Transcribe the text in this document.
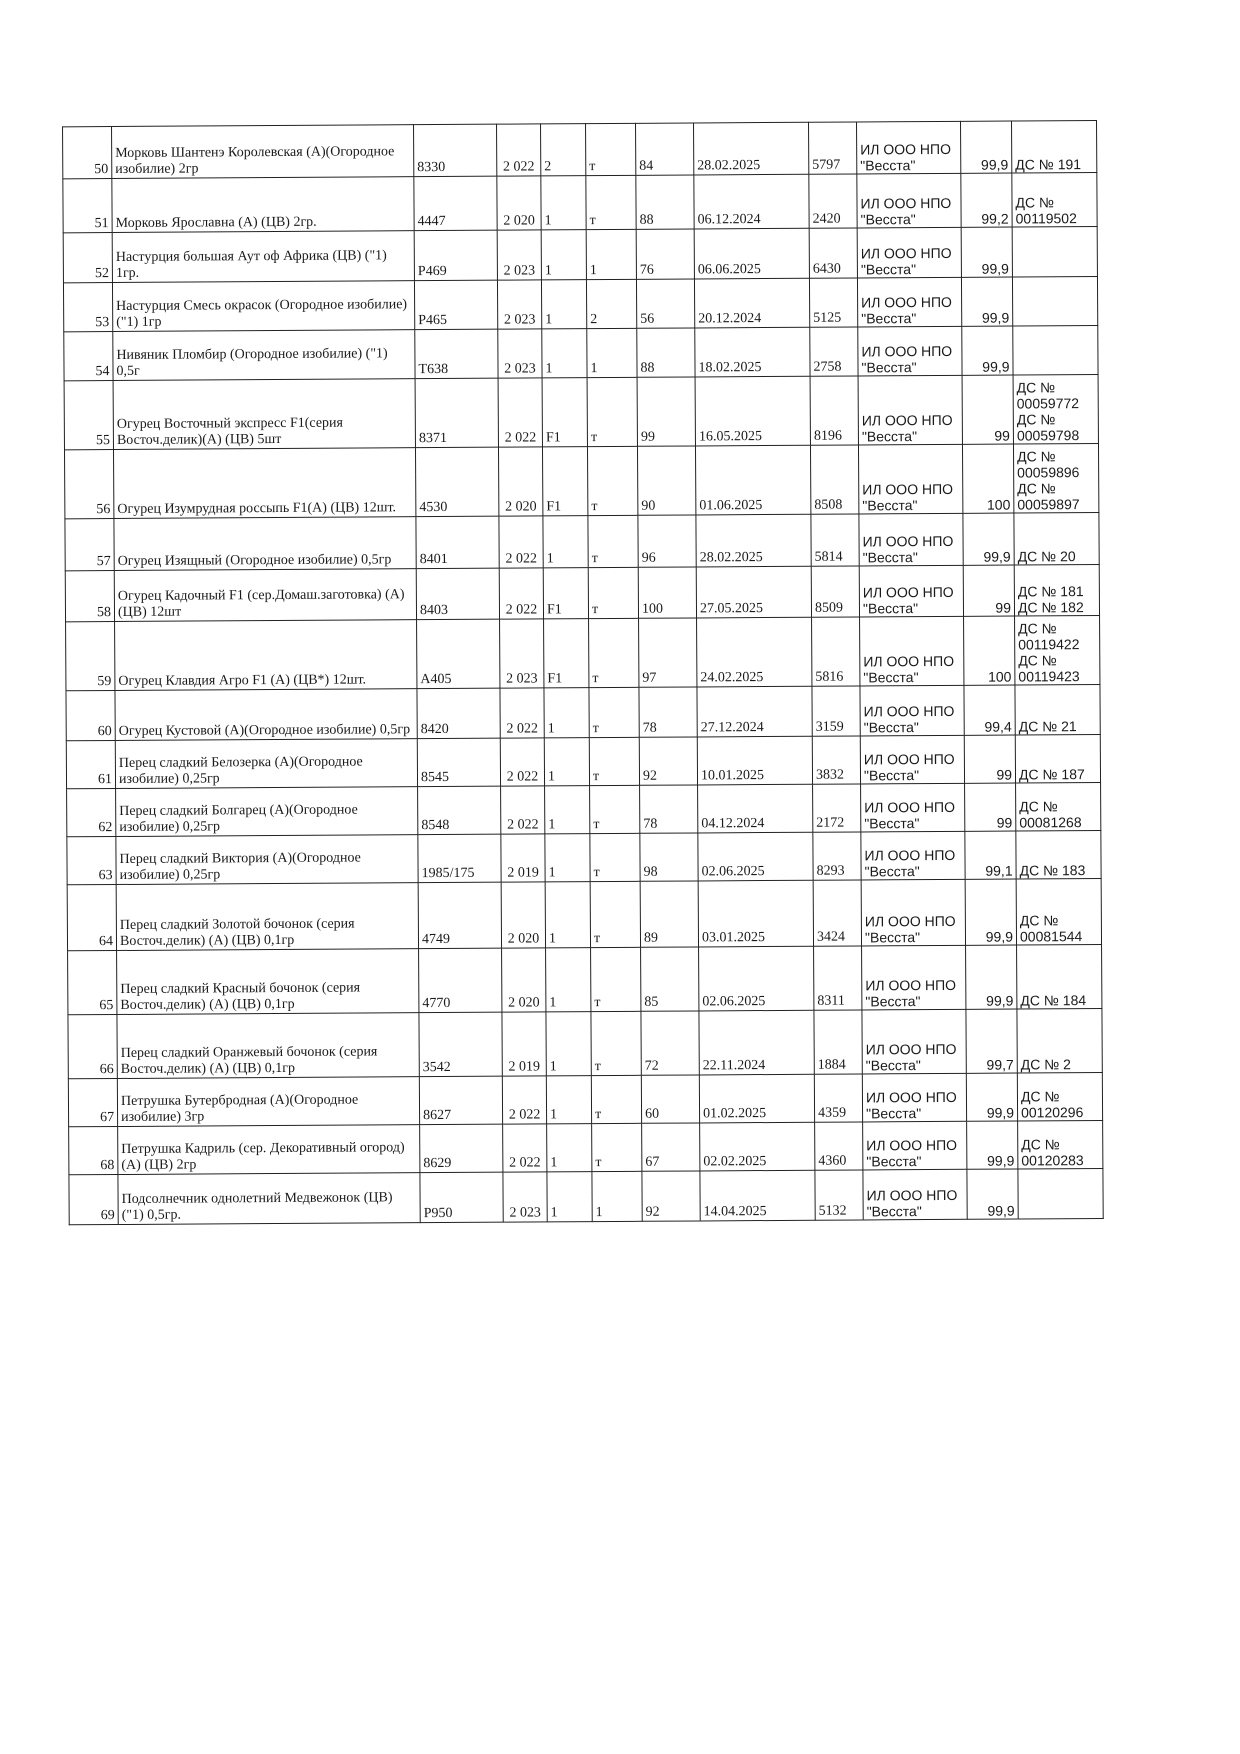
50	Морковь Шантенэ Королевская (А)(Огородное изобилие) 2гр	8330	2 022	2	т	84	28.02.2025	5797	ИЛ ООО НПО "Весста"	99,9	ДС № 191
51	Морковь Ярославна (А) (ЦВ) 2гр.	4447	2 020	1	т	88	06.12.2024	2420	ИЛ ООО НПО "Весста"	99,2	ДС № 00119502
52	Настурция большая Аут оф Африка (ЦВ) ("1) 1гр.	P469	2 023	1	1	76	06.06.2025	6430	ИЛ ООО НПО "Весста"	99,9	
53	Настурция Смесь окрасок (Огородное изобилие) ("1) 1гр	P465	2 023	1	2	56	20.12.2024	5125	ИЛ ООО НПО "Весста"	99,9	
54	Нивяник Пломбир (Огородное изобилие) ("1) 0,5г	T638	2 023	1	1	88	18.02.2025	2758	ИЛ ООО НПО "Весста"	99,9	
55	Огурец Восточный экспресс F1(серия Восточ.делик)(А) (ЦВ) 5шт	8371	2 022	F1	т	99	16.05.2025	8196	ИЛ ООО НПО "Весста"	99	ДС № 00059772 ДС № 00059798
56	Огурец Изумрудная россыпь F1(А) (ЦВ) 12шт.	4530	2 020	F1	т	90	01.06.2025	8508	ИЛ ООО НПО "Весста"	100	ДС № 00059896 ДС № 00059897
57	Огурец Изящный (Огородное изобилие) 0,5гр	8401	2 022	1	т	96	28.02.2025	5814	ИЛ ООО НПО "Весста"	99,9	ДС № 20
58	Огурец Кадочный F1 (сер.Домаш.заготовка) (А) (ЦВ) 12шт	8403	2 022	F1	т	100	27.05.2025	8509	ИЛ ООО НПО "Весста"	99	ДС № 181 ДС № 182
59	Огурец Клавдия Агро F1 (А) (ЦВ*) 12шт.	A405	2 023	F1	т	97	24.02.2025	5816	ИЛ ООО НПО "Весста"	100	ДС № 00119422 ДС № 00119423
60	Огурец Кустовой (А)(Огородное изобилие) 0,5гр	8420	2 022	1	т	78	27.12.2024	3159	ИЛ ООО НПО "Весста"	99,4	ДС № 21
61	Перец сладкий Белозерка (А)(Огородное изобилие) 0,25гр	8545	2 022	1	т	92	10.01.2025	3832	ИЛ ООО НПО "Весста"	99	ДС № 187
62	Перец сладкий Болгарец (А)(Огородное изобилие) 0,25гр	8548	2 022	1	т	78	04.12.2024	2172	ИЛ ООО НПО "Весста"	99	ДС № 00081268
63	Перец сладкий Виктория (А)(Огородное изобилие) 0,25гр	1985/175	2 019	1	т	98	02.06.2025	8293	ИЛ ООО НПО "Весста"	99,1	ДС № 183
64	Перец сладкий Золотой бочонок (серия Восточ.делик) (А) (ЦВ) 0,1гр	4749	2 020	1	т	89	03.01.2025	3424	ИЛ ООО НПО "Весста"	99,9	ДС № 00081544
65	Перец сладкий Красный бочонок (серия Восточ.делик) (А) (ЦВ) 0,1гр	4770	2 020	1	т	85	02.06.2025	8311	ИЛ ООО НПО "Весста"	99,9	ДС № 184
66	Перец сладкий Оранжевый бочонок (серия Восточ.делик) (А) (ЦВ) 0,1гр	3542	2 019	1	т	72	22.11.2024	1884	ИЛ ООО НПО "Весста"	99,7	ДС № 2
67	Петрушка Бутербродная (А)(Огородное изобилие) 3гр	8627	2 022	1	т	60	01.02.2025	4359	ИЛ ООО НПО "Весста"	99,9	ДС № 00120296
68	Петрушка Кадриль (сер. Декоративный огород) (А) (ЦВ) 2гр	8629	2 022	1	т	67	02.02.2025	4360	ИЛ ООО НПО "Весста"	99,9	ДС № 00120283
69	Подсолнечник однолетний Медвежонок (ЦВ) ("1) 0,5гр.	P950	2 023	1	1	92	14.04.2025	5132	ИЛ ООО НПО "Весста"	99,9	
